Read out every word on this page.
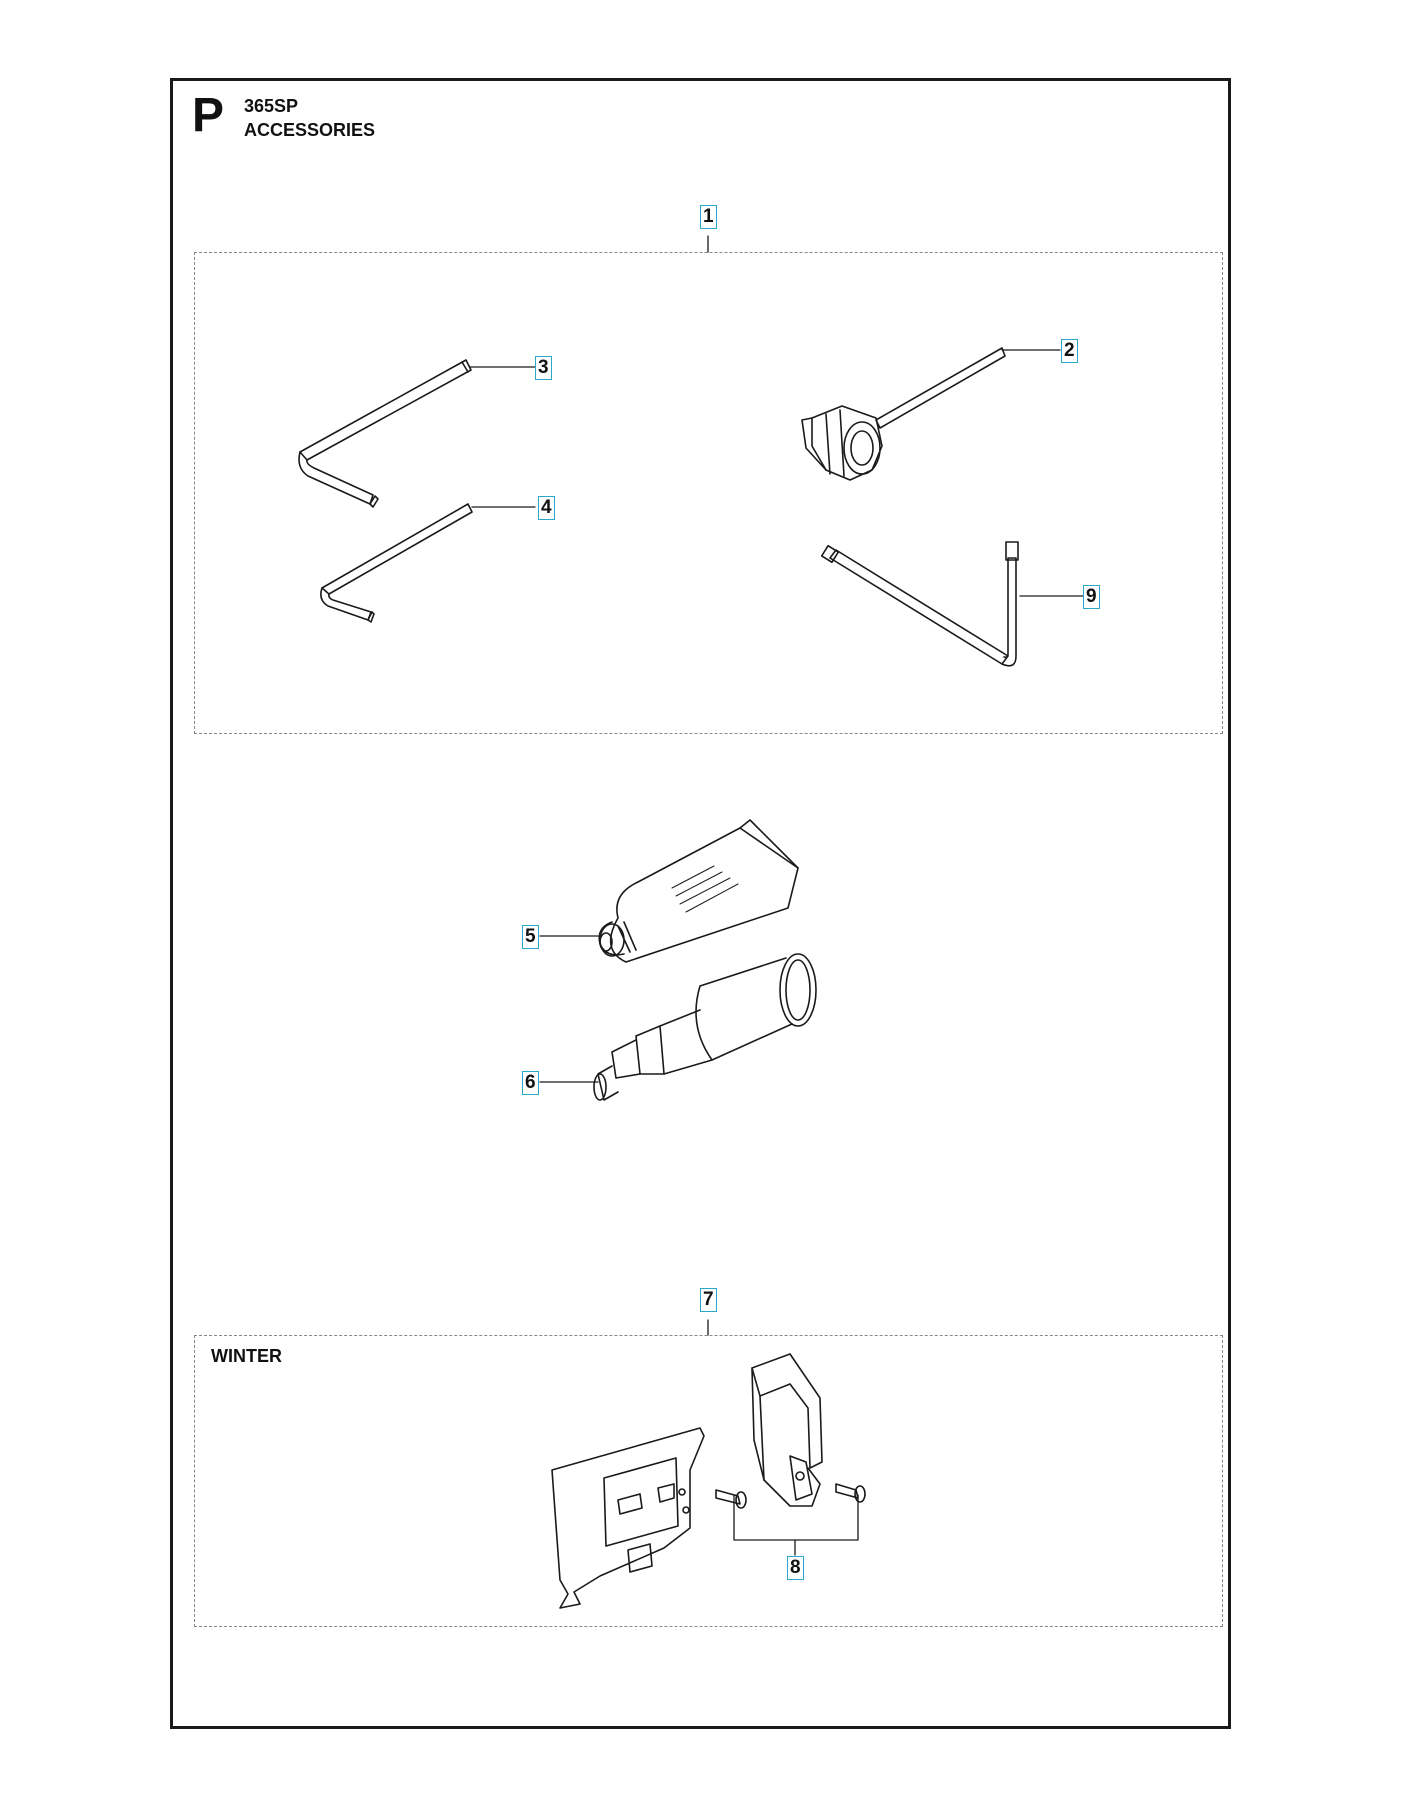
P 365SP
ACCESSORIES
WINTER
1
3
4
2
9
5
6
7
8
